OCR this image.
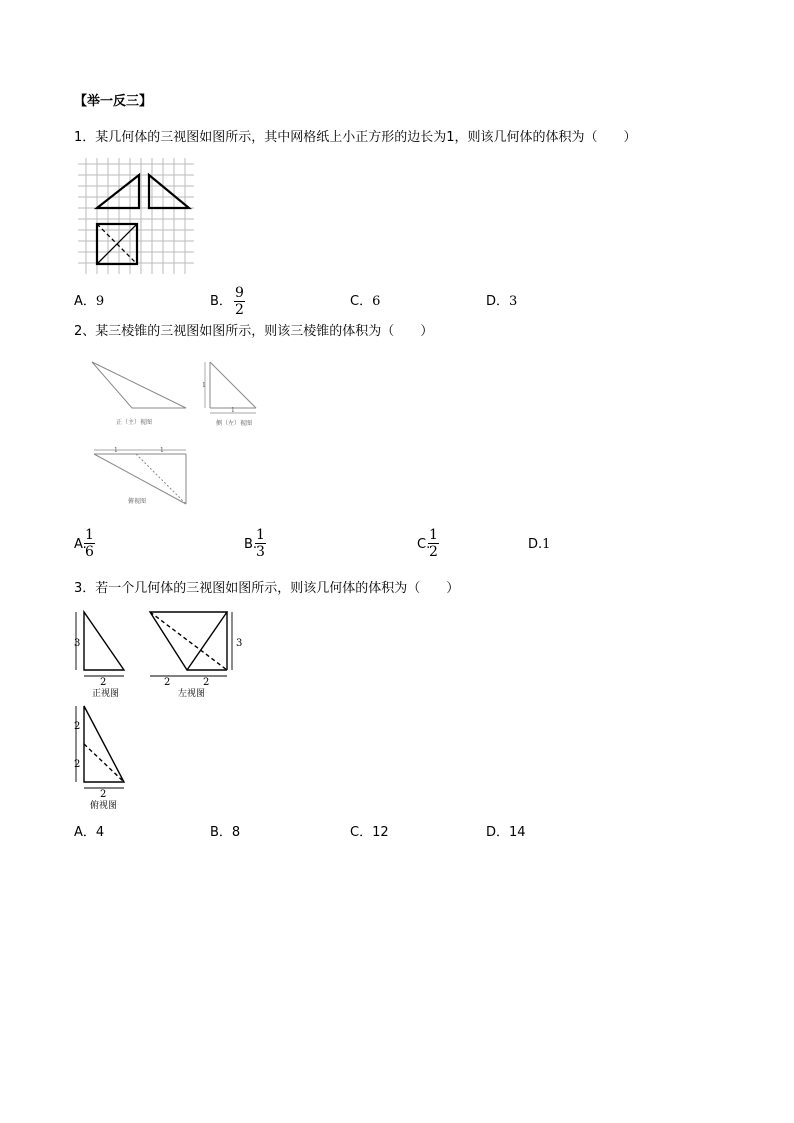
【举一反三】
1．某几何体的三视图如图所示，其中网格纸上小正方形的边长为1，则该几何体的体积为（　　）
A．9	B． $\frac{9}{2}$	C．6	D．3
2、某三棱锥的三视图如图所示，则该三棱锥的体积为（　　）
1
1
1	1
正（主）视图	侧（左）视图
俯视图
A.
$\frac{1}{6}$	B.
$\frac{1}{3}$	C.
$\frac{1}{2}$	D.1
3．若一个几何体的三视图如图所示，则该几何体的体积为（　　）
3
2
3
2	2
2
2
2
正视图	左视图
俯视图
A．4	B．8	C．12	D．14
